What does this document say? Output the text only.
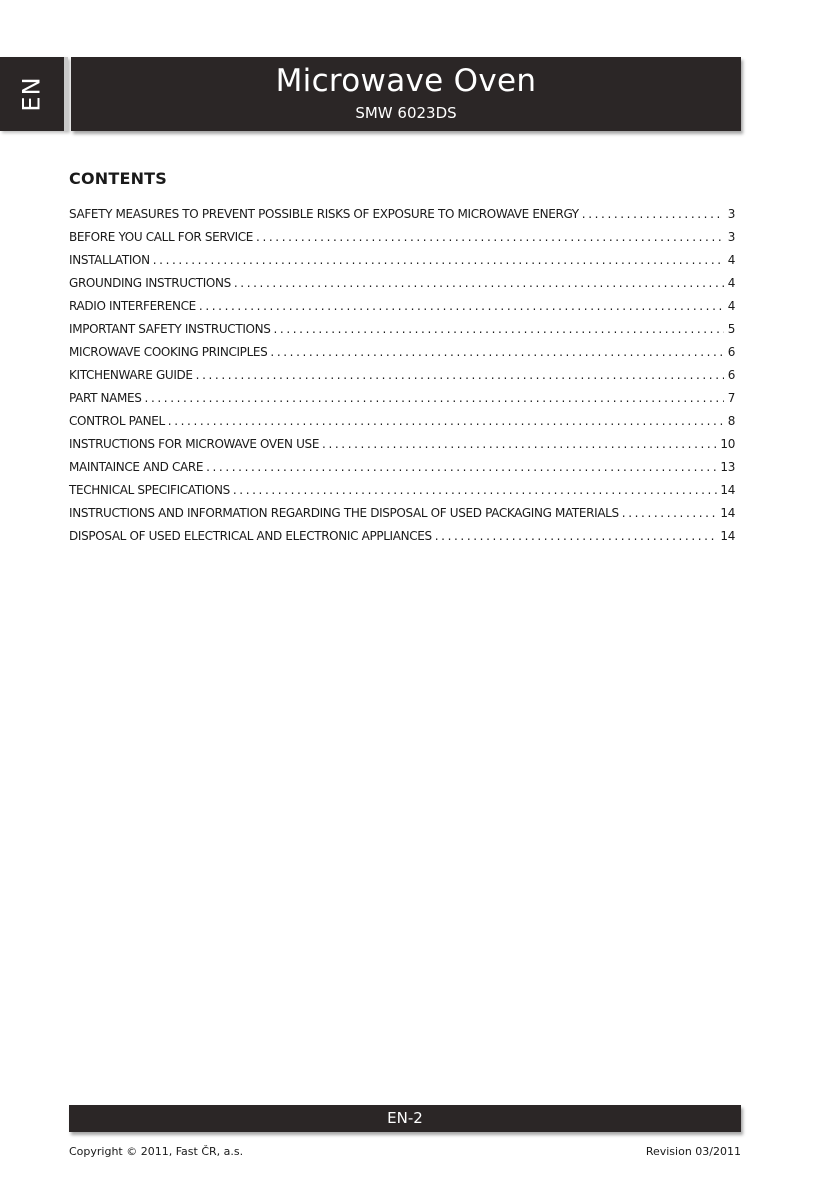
EN	Microwave Oven
SMW 6023DS
CONTENTS
SAFETY MEASURES TO PREVENT POSSIBLE RISKS OF EXPOSURE TO MICROWAVE ENERGY .....	3
BEFORE YOU CALL FOR SERVICE .....	3
INSTALLATION .....	4
GROUNDING INSTRUCTIONS .....	4
RADIO INTERFERENCE .....	4
IMPORTANT SAFETY INSTRUCTIONS .....	5
MICROWAVE COOKING PRINCIPLES .....	6
KITCHENWARE GUIDE .....	6
PART NAMES .....	7
CONTROL PANEL .....	8
INSTRUCTIONS FOR MICROWAVE OVEN USE .....	10
MAINTAINCE AND CARE .....	13
TECHNICAL SPECIFICATIONS .....	14
INSTRUCTIONS AND INFORMATION REGARDING THE DISPOSAL OF USED PACKAGING MATERIALS .....	14
DISPOSAL OF USED ELECTRICAL AND ELECTRONIC APPLIANCES .....	14
EN-2
Copyright © 2011, Fast ČR, a.s.	Revision 03/2011
